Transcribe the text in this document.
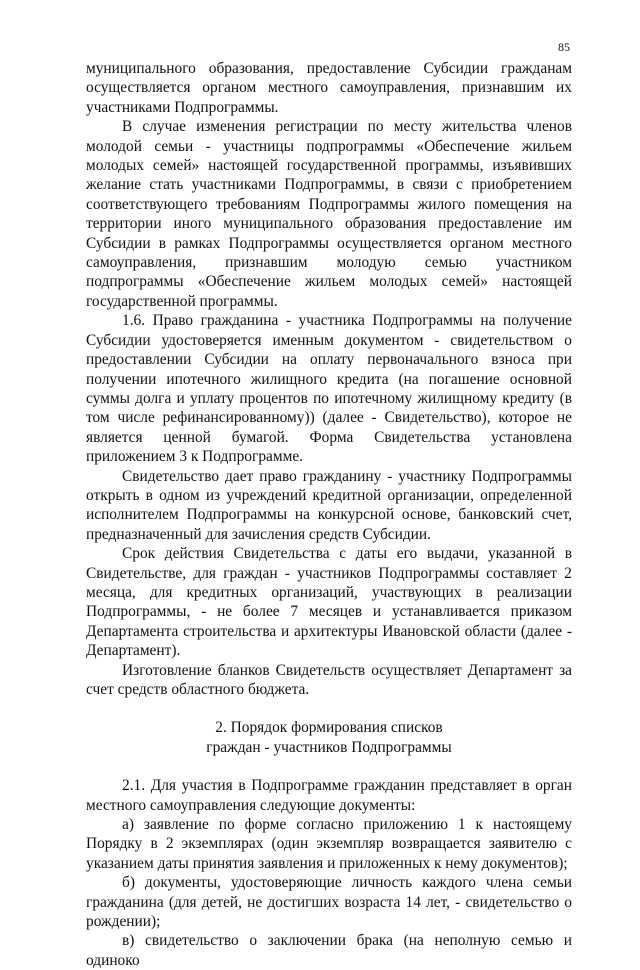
85

муниципального образования, предоставление Субсидии гражданам осуществляется органом местного самоуправления, признавшим их участниками Подпрограммы.

В случае изменения регистрации по месту жительства членов молодой семьи - участницы подпрограммы «Обеспечение жильем молодых семей» настоящей государственной программы, изъявивших желание стать участниками Подпрограммы, в связи с приобретением соответствующего требованиям Подпрограммы жилого помещения на территории иного муниципального образования предоставление им Субсидии в рамках Подпрограммы осуществляется органом местного самоуправления, признавшим молодую семью участником подпрограммы «Обеспечение жильем молодых семей» настоящей государственной программы.

1.6. Право гражданина - участника Подпрограммы на получение Субсидии удостоверяется именным документом - свидетельством о предоставлении Субсидии на оплату первоначального взноса при получении ипотечного жилищного кредита (на погашение основной суммы долга и уплату процентов по ипотечному жилищному кредиту (в том числе рефинансированному)) (далее - Свидетельство), которое не является ценной бумагой. Форма Свидетельства установлена приложением 3 к Подпрограмме.

Свидетельство дает право гражданину - участнику Подпрограммы открыть в одном из учреждений кредитной организации, определенной исполнителем Подпрограммы на конкурсной основе, банковский счет, предназначенный для зачисления средств Субсидии.

Срок действия Свидетельства с даты его выдачи, указанной в Свидетельстве, для граждан - участников Подпрограммы составляет 2 месяца, для кредитных организаций, участвующих в реализации Подпрограммы, - не более 7 месяцев и устанавливается приказом Департамента строительства и архитектуры Ивановской области (далее - Департамент).

Изготовление бланков Свидетельств осуществляет Департамент за счет средств областного бюджета.

2. Порядок формирования списков
граждан - участников Подпрограммы

2.1. Для участия в Подпрограмме гражданин представляет в орган местного самоуправления следующие документы:

а) заявление по форме согласно приложению 1 к настоящему Порядку в 2 экземплярах (один экземпляр возвращается заявителю с указанием даты принятия заявления и приложенных к нему документов);

б) документы, удостоверяющие личность каждого члена семьи гражданина (для детей, не достигших возраста 14 лет, - свидетельство о рождении);

в) свидетельство о заключении брака (на неполную семью и одиноко
